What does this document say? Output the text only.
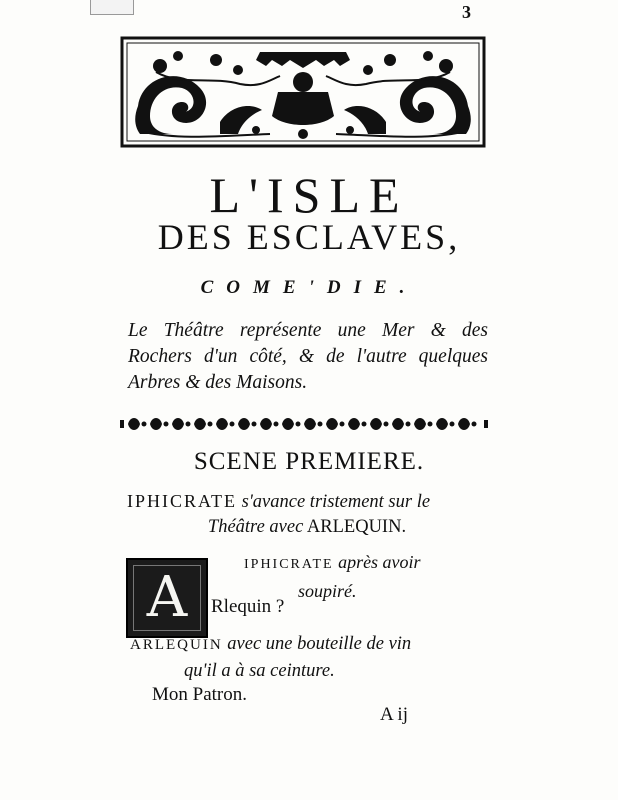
3
L'ISLE
DES ESCLAVES,
COME'DIE.
Le Théâtre représente une Mer & des Rochers d'un côté, & de l'autre quelques Arbres & des Maisons.
SCENE PREMIERE.
IPHICRATE s'avance tristement sur le
Théâtre avec ARLEQUIN.
A
IPHICRATE après avoir
soupiré.
Rlequin ?
ARLEQUIN avec une bouteille de vin
qu'il a à sa ceinture.
Mon Patron.
A ij
